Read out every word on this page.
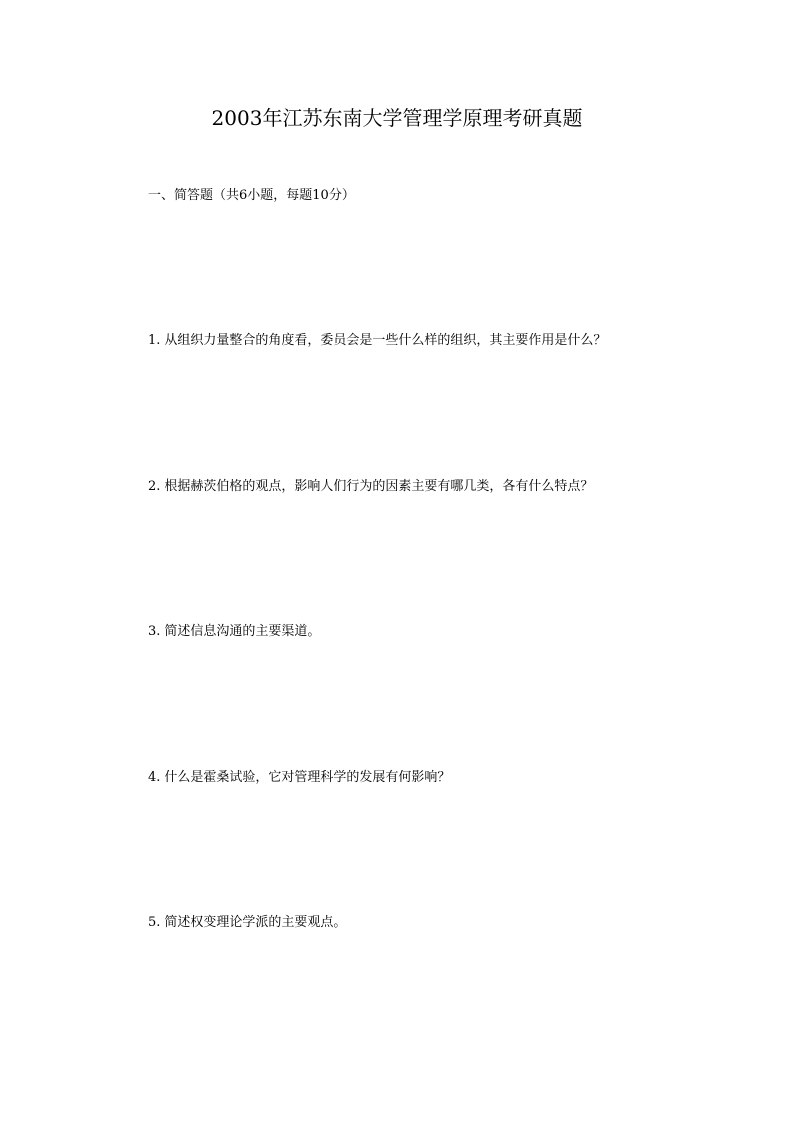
2003年江苏东南大学管理学原理考研真题

一、简答题（共6小题，每题10分）

1. 从组织力量整合的角度看，委员会是一些什么样的组织，其主要作用是什么？

2. 根据赫茨伯格的观点，影响人们行为的因素主要有哪几类，各有什么特点？

3. 简述信息沟通的主要渠道。

4. 什么是霍桑试验，它对管理科学的发展有何影响？

5. 简述权变理论学派的主要观点。
